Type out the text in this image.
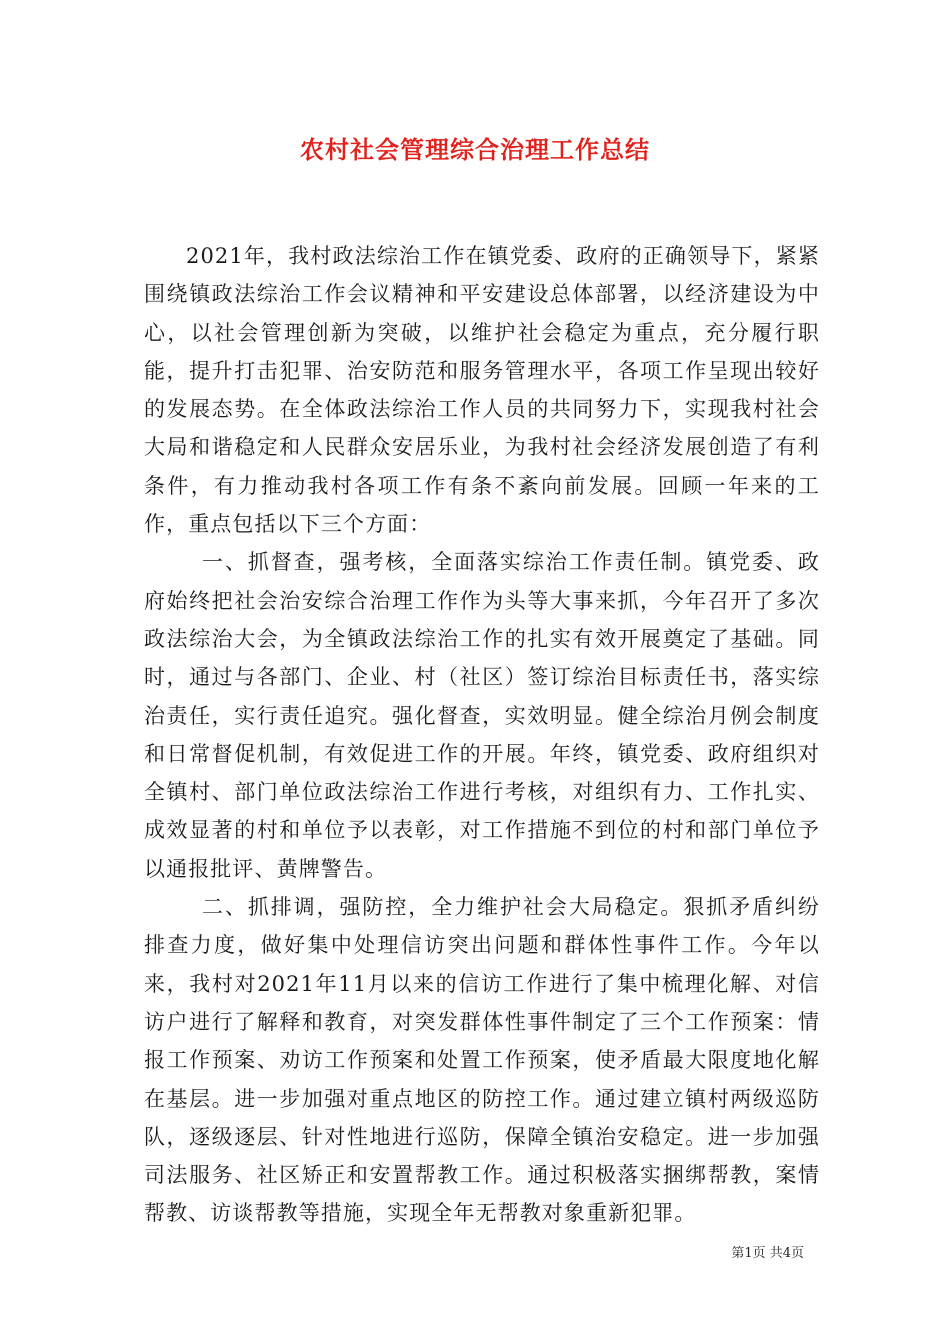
农村社会管理综合治理工作总结

2021年，我村政法综治工作在镇党委、政府的正确领导下，紧紧围绕镇政法综治工作会议精神和平安建设总体部署，以经济建设为中心，以社会管理创新为突破，以维护社会稳定为重点，充分履行职能，提升打击犯罪、治安防范和服务管理水平，各项工作呈现出较好的发展态势。在全体政法综治工作人员的共同努力下，实现我村社会大局和谐稳定和人民群众安居乐业，为我村社会经济发展创造了有利条件，有力推动我村各项工作有条不紊向前发展。回顾一年来的工作，重点包括以下三个方面：

一、抓督查，强考核，全面落实综治工作责任制。镇党委、政府始终把社会治安综合治理工作作为头等大事来抓，今年召开了多次政法综治大会，为全镇政法综治工作的扎实有效开展奠定了基础。同时，通过与各部门、企业、村（社区）签订综治目标责任书，落实综治责任，实行责任追究。强化督查，实效明显。健全综治月例会制度和日常督促机制，有效促进工作的开展。年终，镇党委、政府组织对全镇村、部门单位政法综治工作进行考核，对组织有力、工作扎实、成效显著的村和单位予以表彰，对工作措施不到位的村和部门单位予以通报批评、黄牌警告。

二、抓排调，强防控，全力维护社会大局稳定。狠抓矛盾纠纷排查力度，做好集中处理信访突出问题和群体性事件工作。今年以来，我村对2021年11月以来的信访工作进行了集中梳理化解、对信访户进行了解释和教育，对突发群体性事件制定了三个工作预案：情报工作预案、劝访工作预案和处置工作预案，使矛盾最大限度地化解在基层。进一步加强对重点地区的防控工作。通过建立镇村两级巡防队，逐级逐层、针对性地进行巡防，保障全镇治安稳定。进一步加强司法服务、社区矫正和安置帮教工作。通过积极落实捆绑帮教，案情帮教、访谈帮教等措施，实现全年无帮教对象重新犯罪。

第1页 共4页
